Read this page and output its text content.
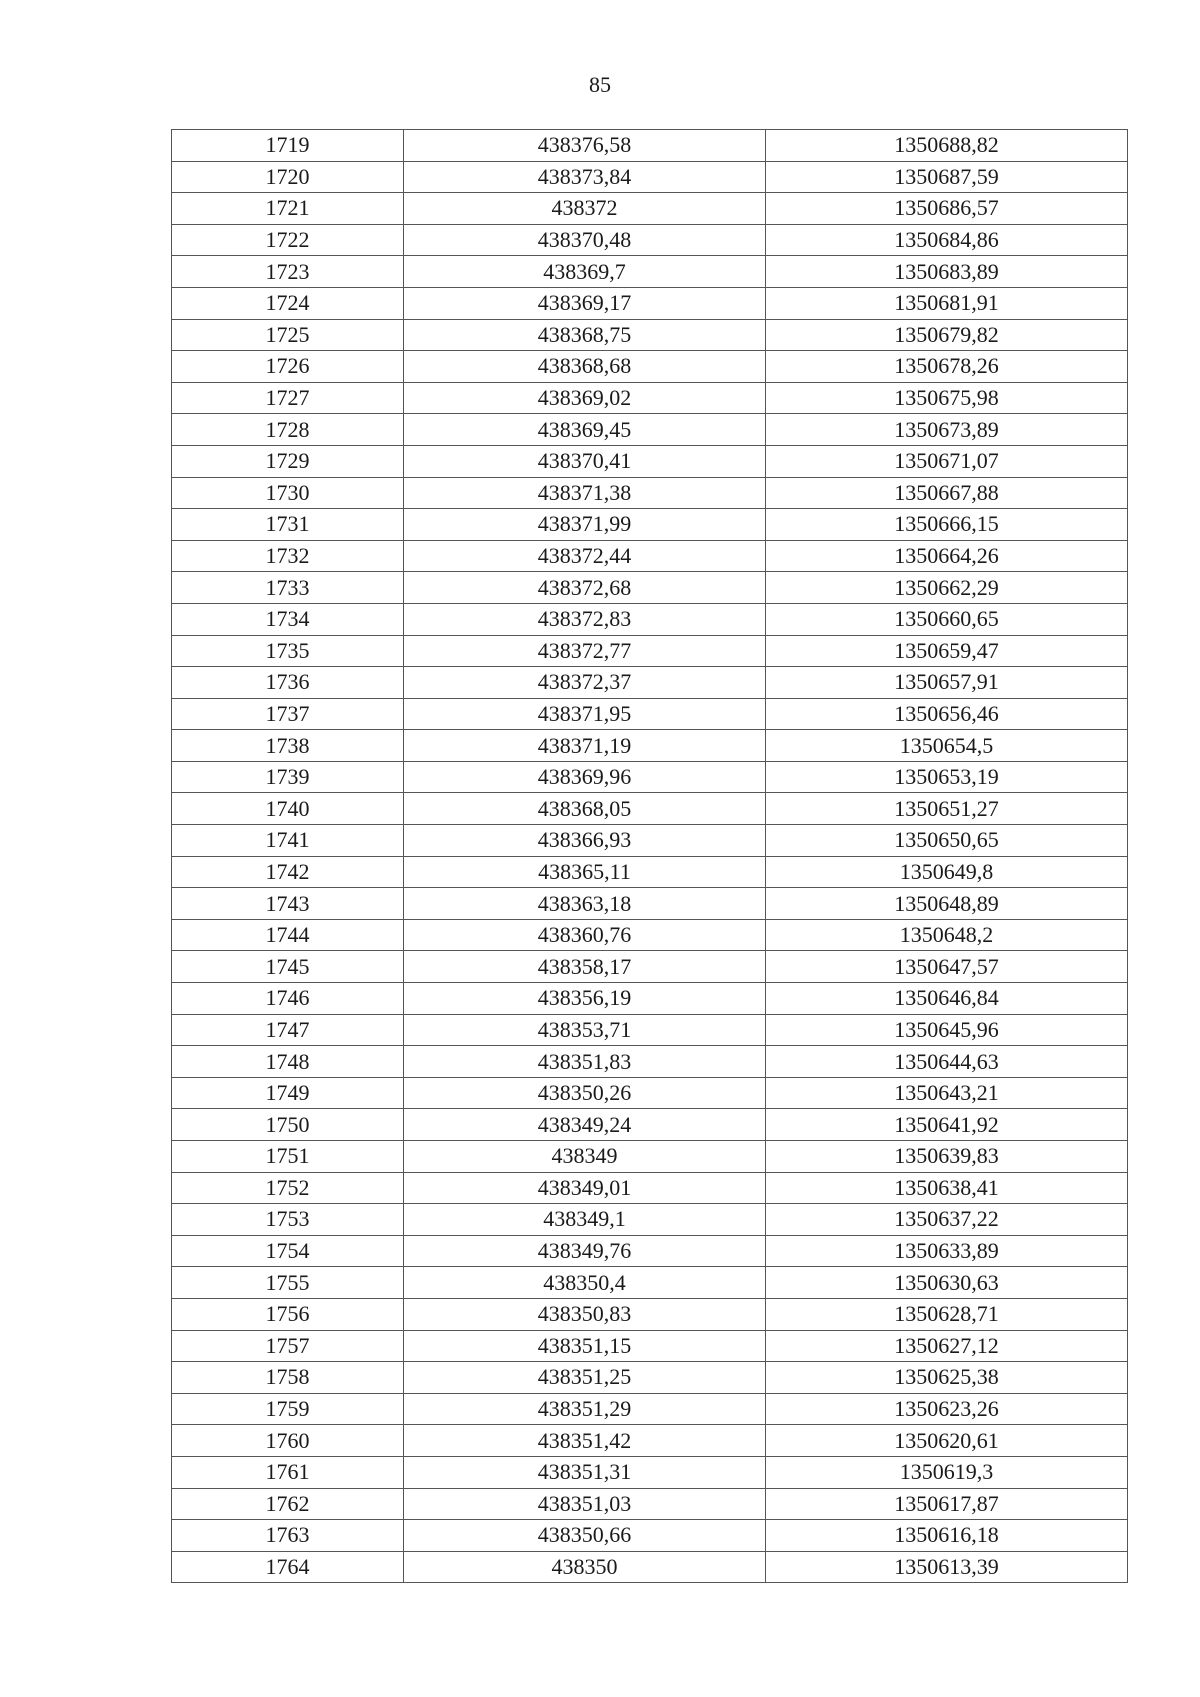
85
1719	438376,58	1350688,82
1720	438373,84	1350687,59
1721	438372	1350686,57
1722	438370,48	1350684,86
1723	438369,7	1350683,89
1724	438369,17	1350681,91
1725	438368,75	1350679,82
1726	438368,68	1350678,26
1727	438369,02	1350675,98
1728	438369,45	1350673,89
1729	438370,41	1350671,07
1730	438371,38	1350667,88
1731	438371,99	1350666,15
1732	438372,44	1350664,26
1733	438372,68	1350662,29
1734	438372,83	1350660,65
1735	438372,77	1350659,47
1736	438372,37	1350657,91
1737	438371,95	1350656,46
1738	438371,19	1350654,5
1739	438369,96	1350653,19
1740	438368,05	1350651,27
1741	438366,93	1350650,65
1742	438365,11	1350649,8
1743	438363,18	1350648,89
1744	438360,76	1350648,2
1745	438358,17	1350647,57
1746	438356,19	1350646,84
1747	438353,71	1350645,96
1748	438351,83	1350644,63
1749	438350,26	1350643,21
1750	438349,24	1350641,92
1751	438349	1350639,83
1752	438349,01	1350638,41
1753	438349,1	1350637,22
1754	438349,76	1350633,89
1755	438350,4	1350630,63
1756	438350,83	1350628,71
1757	438351,15	1350627,12
1758	438351,25	1350625,38
1759	438351,29	1350623,26
1760	438351,42	1350620,61
1761	438351,31	1350619,3
1762	438351,03	1350617,87
1763	438350,66	1350616,18
1764	438350	1350613,39
